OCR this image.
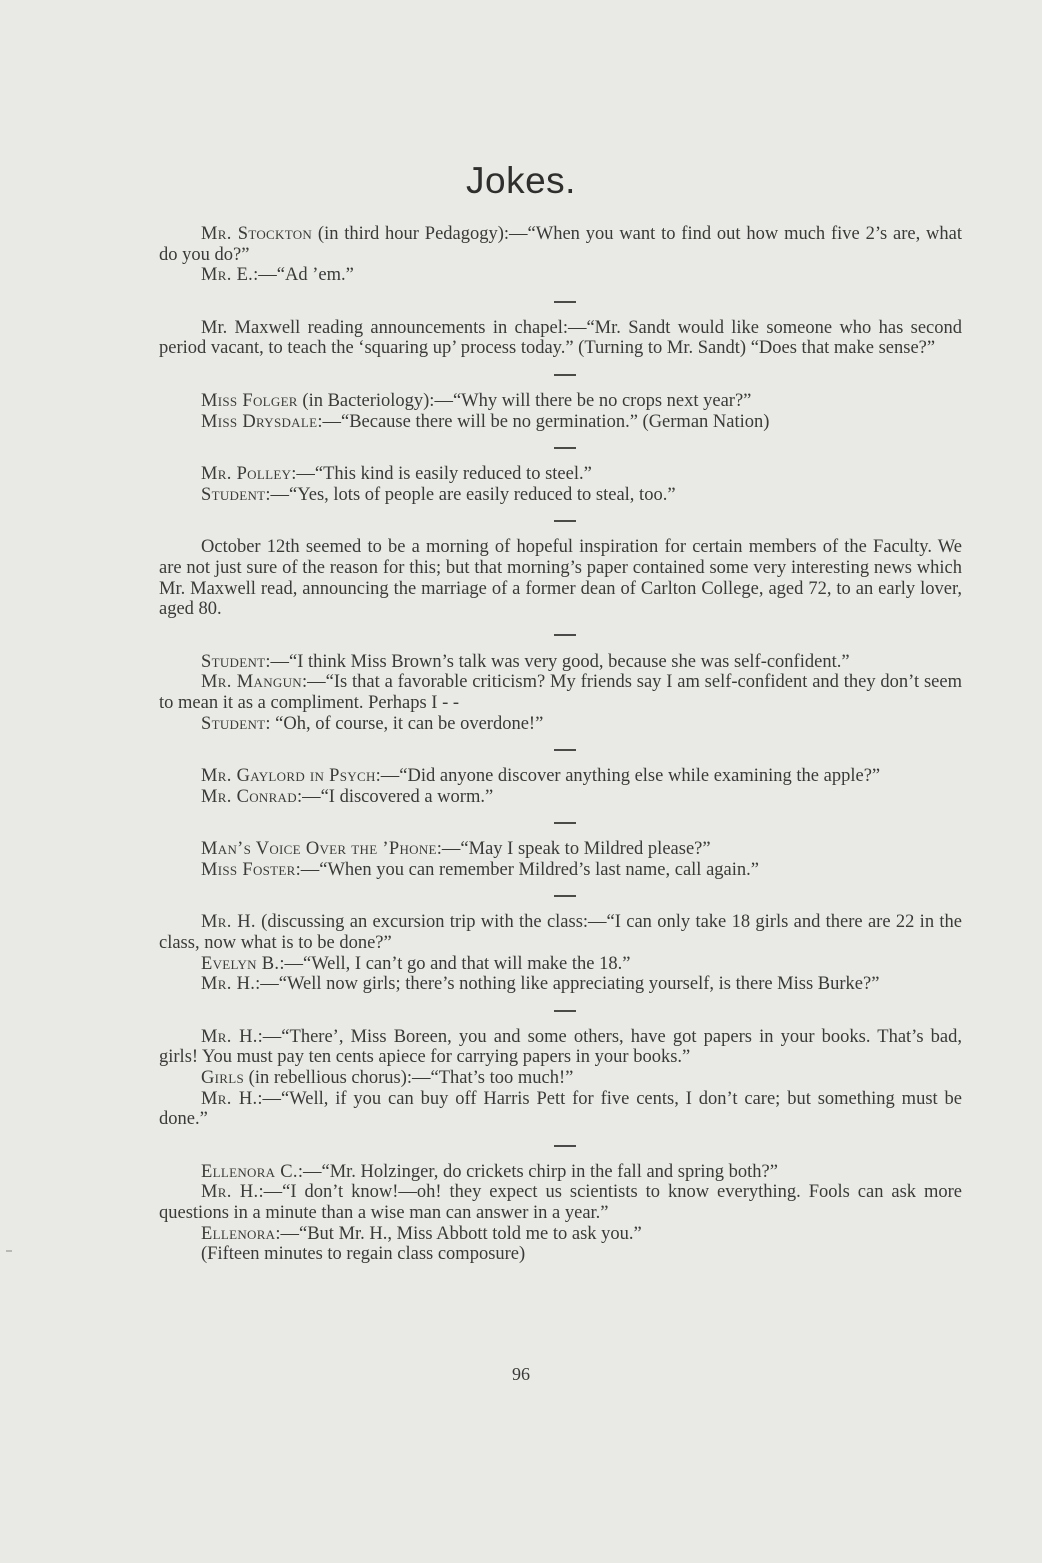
Jokes.

Mr. Stockton (in third hour Pedagogy):—“When you want to find out how much five 2’s are, what do you do?”

Mr. E.:—“Ad ’em.”

Mr. Maxwell reading announcements in chapel:—“Mr. Sandt would like someone who has second period vacant, to teach the ‘squaring up’ process today.” (Turning to Mr. Sandt) “Does that make sense?”

Miss Folger (in Bacteriology):—“Why will there be no crops next year?”

Miss Drysdale:—“Because there will be no germination.” (German Nation)

Mr. Polley:—“This kind is easily reduced to steel.”

Student:—“Yes, lots of people are easily reduced to steal, too.”

October 12th seemed to be a morning of hopeful inspiration for certain members of the Faculty. We are not just sure of the reason for this; but that morning’s paper contained some very interesting news which Mr. Maxwell read, announcing the marriage of a former dean of Carlton College, aged 72, to an early lover, aged 80.

Student:—“I think Miss Brown’s talk was very good, because she was self-confident.”

Mr. Mangun:—“Is that a favorable criticism? My friends say I am self-confident and they don’t seem to mean it as a compliment. Perhaps I - -

Student: “Oh, of course, it can be overdone!”

Mr. Gaylord in Psych:—“Did anyone discover anything else while examining the apple?”

Mr. Conrad:—“I discovered a worm.”

Man’s Voice Over the ’Phone:—“May I speak to Mildred please?”

Miss Foster:—“When you can remember Mildred’s last name, call again.”

Mr. H. (discussing an excursion trip with the class:—“I can only take 18 girls and there are 22 in the class, now what is to be done?”

Evelyn B.:—“Well, I can’t go and that will make the 18.”

Mr. H.:—“Well now girls; there’s nothing like appreciating yourself, is there Miss Burke?”

Mr. H.:—“There’, Miss Boreen, you and some others, have got papers in your books. That’s bad, girls! You must pay ten cents apiece for carrying papers in your books.”

Girls (in rebellious chorus):—“That’s too much!”

Mr. H.:—“Well, if you can buy off Harris Pett for five cents, I don’t care; but something must be done.”

Ellenora C.:—“Mr. Holzinger, do crickets chirp in the fall and spring both?”

Mr. H.:—“I don’t know!—oh! they expect us scientists to know everything. Fools can ask more questions in a minute than a wise man can answer in a year.”

Ellenora:—“But Mr. H., Miss Abbott told me to ask you.”

(Fifteen minutes to regain class composure)

96
